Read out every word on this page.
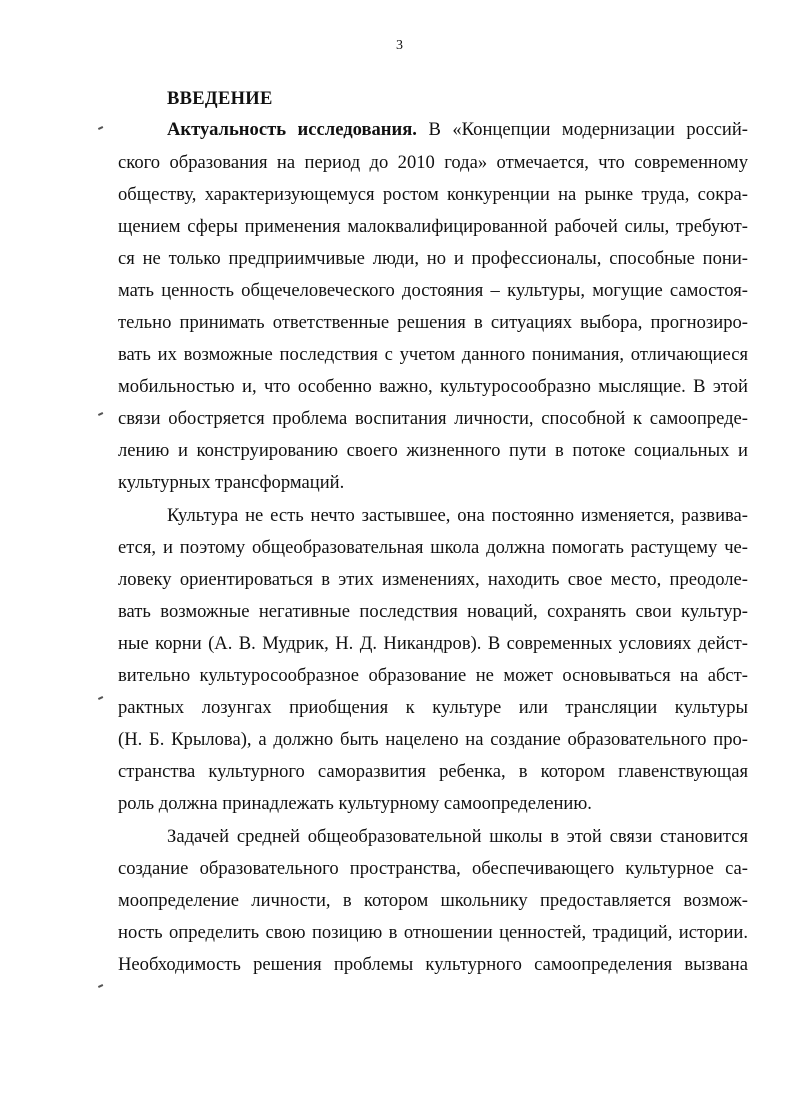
3
ВВЕДЕНИЕ
Актуальность исследования. В «Концепции модернизации россий-
ского образования на период до 2010 года» отмечается, что современному
обществу, характеризующемуся ростом конкуренции на рынке труда, сокра-
щением сферы применения малоквалифицированной рабочей силы, требуют-
ся не только предприимчивые люди, но и профессионалы, способные пони-
мать ценность общечеловеческого достояния – культуры, могущие самостоя-
тельно принимать ответственные решения в ситуациях выбора, прогнозиро-
вать их возможные последствия с учетом данного понимания, отличающиеся
мобильностью и, что особенно важно, культуросообразно мыслящие. В этой
связи обостряется проблема воспитания личности, способной к самоопреде-
лению и конструированию своего жизненного пути в потоке социальных и
культурных трансформаций.
Культура не есть нечто застывшее, она постоянно изменяется, развива-
ется, и поэтому общеобразовательная школа должна помогать растущему че-
ловеку ориентироваться в этих изменениях, находить свое место, преодоле-
вать возможные негативные последствия новаций, сохранять свои культур-
ные корни (А. В. Мудрик, Н. Д. Никандров). В современных условиях дейст-
вительно культуросообразное образование не может основываться на абст-
рактных лозунгах приобщения к культуре или трансляции культуры
(Н. Б. Крылова), а должно быть нацелено на создание образовательного про-
странства культурного саморазвития ребенка, в котором главенствующая
роль должна принадлежать культурному самоопределению.
Задачей средней общеобразовательной школы в этой связи становится
создание образовательного пространства, обеспечивающего культурное са-
моопределение личности, в котором школьнику предоставляется возмож-
ность определить свою позицию в отношении ценностей, традиций, истории.
Необходимость решения проблемы культурного самоопределения вызвана
